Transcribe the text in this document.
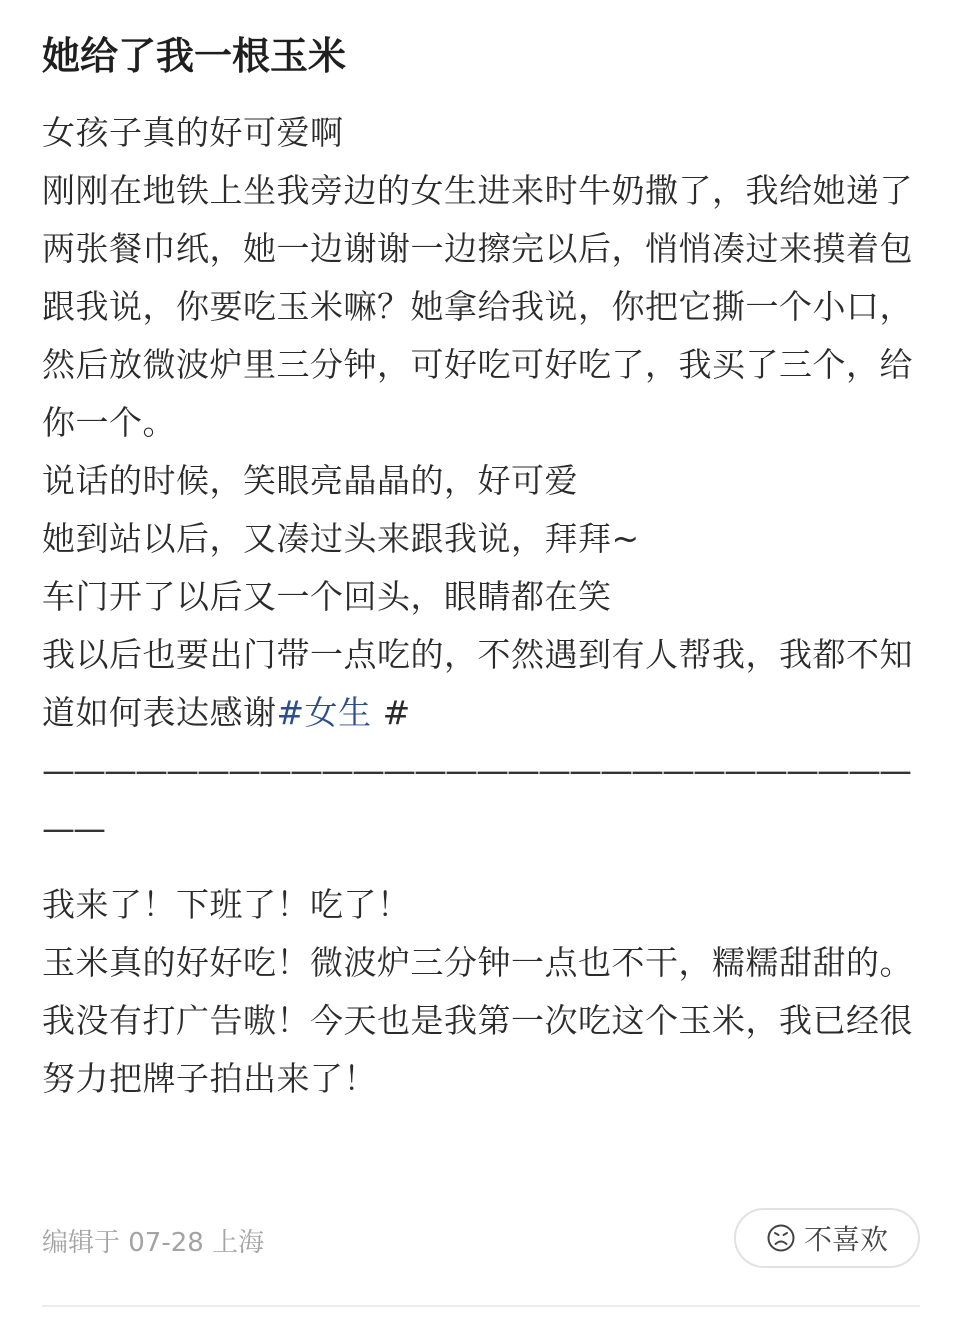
她给了我一根玉米

女孩子真的好可爱啊

刚刚在地铁上坐我旁边的女生进来时牛奶撒了，我给她递了两张餐巾纸，她一边谢谢一边擦完以后，悄悄凑过来摸着包跟我说，你要吃玉米嘛？她拿给我说，你把它撕一个小口，然后放微波炉里三分钟，可好吃可好吃了，我买了三个，给你一个。

说话的时候，笑眼亮晶晶的，好可爱

她到站以后，又凑过头来跟我说，拜拜~

车门开了以后又一个回头，眼睛都在笑

我以后也要出门带一点吃的，不然遇到有人帮我，我都不知道如何表达感谢#女生 #

——————————————————————————————

我来了！下班了！吃了！

玉米真的好好吃！微波炉三分钟一点也不干，糯糯甜甜的。我没有打广告嗷！今天也是我第一次吃这个玉米，我已经很努力把牌子拍出来了！

编辑于 07-28 上海	不喜欢
